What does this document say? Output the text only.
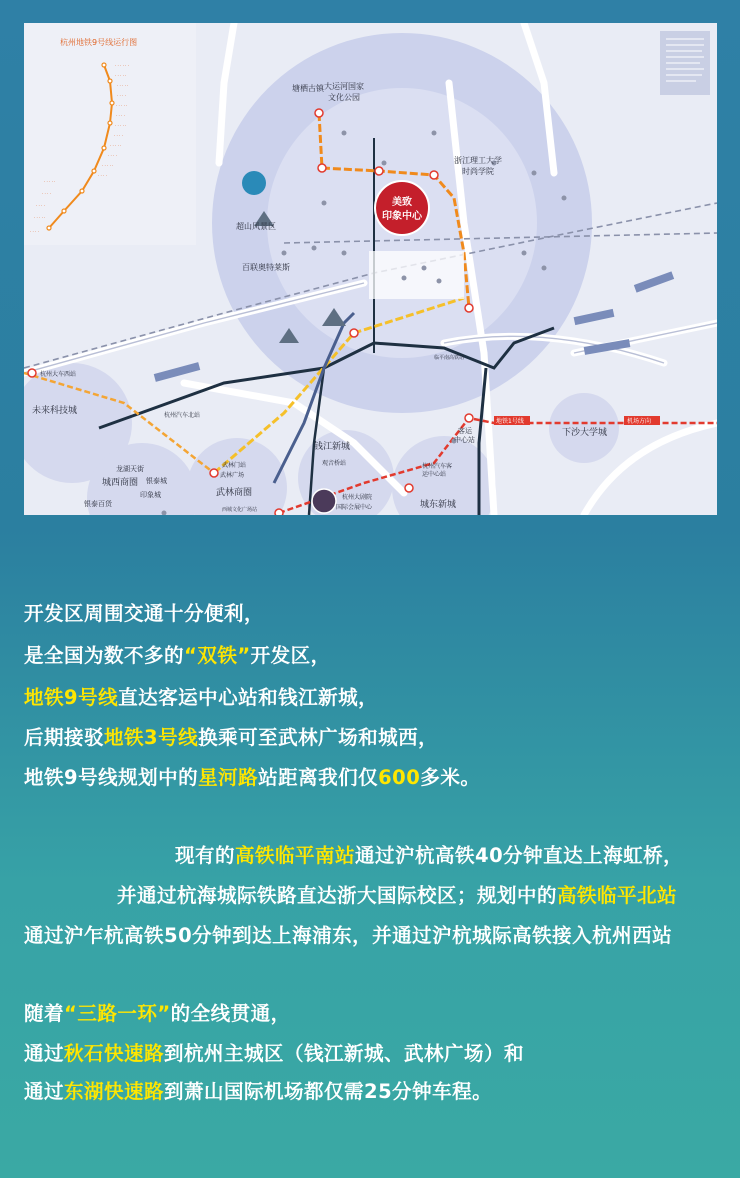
· · · · · ·
· · · · ·
· · · · ·
· · · ·
· · · · ·
· · · ·
· · · · ·
· · · ·
· · · · ·
· · · ·
· · · · ·
· · · ·
· · · · ·
· · · ·
· · · ·
· · · · ·
· · · ·
地铁1号线	机场方向
美致
印象中心
杭州地铁9号线运行图
塘栖古镇 大运河国家
文化公园
浙江理工大学
时尚学院
超山风景区
百联奥特莱斯
未来科技城
杭州大车西站
钱江新城
武林商圈
城西商圈
城东新城
下沙大学城
客运
中心站
杭州汽车客
运中心站
杭州汽车北站
杭州大剧院
国际会展中心
银泰百货
龙湖天街
银泰城
印象城
武林门站
武林广场
西城文化广场站
观音桥站
临平南高铁站
开发区周围交通十分便利，
是全国为数不多的“双铁”开发区，
地铁9号线直达客运中心站和钱江新城，
后期接驳地铁3号线换乘可至武林广场和城西，
地铁9号线规划中的星河路站距离我们仅600多米。
现有的高铁临平南站通过沪杭高铁40分钟直达上海虹桥，
并通过杭海城际铁路直达浙大国际校区；规划中的高铁临平北站
通过沪乍杭高铁50分钟到达上海浦东，并通过沪杭城际高铁接入杭州西站
随着“三路一环”的全线贯通，
通过秋石快速路到杭州主城区（钱江新城、武林广场）和
通过东湖快速路到萧山国际机场都仅需25分钟车程。
